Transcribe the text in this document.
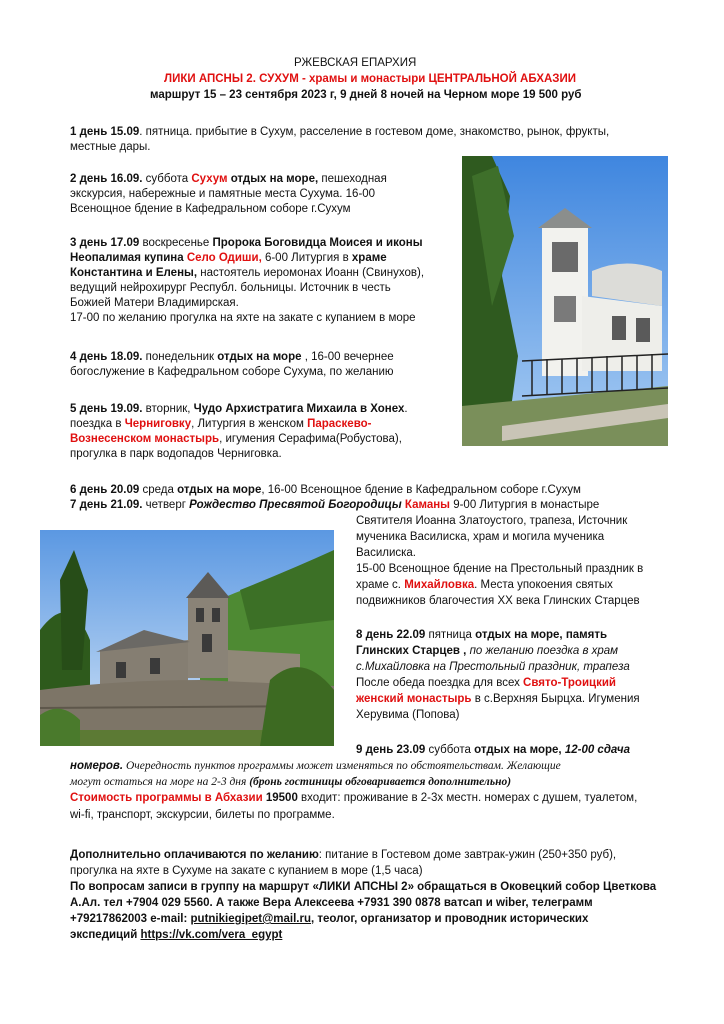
РЖЕВСКАЯ ЕПАРХИЯ
ЛИКИ АПСНЫ 2. СУХУМ - храмы и монастыри ЦЕНТРАЛЬНОЙ АБХАЗИИ
маршрут 15 – 23 сентября 2023 г, 9 дней 8 ночей на Черном море 19 500 руб
1 день 15.09. пятница. прибытие в Сухум, расселение в гостевом доме, знакомство, рынок, фрукты,
местные дары.
2 день 16.09. суббота Сухум отдых на море, пешеходная
экскурсия, набережные и памятные места Сухума. 16-00
Всенощное бдение в Кафедральном соборе г.Сухум
3 день 17.09 воскресенье Пророка Боговидца Моисея и иконы
Неопалимая купина Село Одиши, 6-00 Литургия в храме
Константина и Елены, настоятель иеромонах Иоанн (Свинухов),
ведущий нейрохирург Республ. больницы. Источник в честь
Божией Матери Владимирская.
17-00 по желанию прогулка на яхте на закате с купанием в море
4 день 18.09. понедельник отдых на море , 16-00 вечернее
богослужение в Кафедральном соборе Сухума, по желанию
5 день 19.09. вторник, Чудо Архистратига Михаила в Хонех.
поездка в Черниговку, Литургия в женском Параскево-
Вознесенском монастырь, игумения Серафима(Робустова),
прогулка в парк водопадов Черниговка.
6 день 20.09 среда отдых на море, 16-00 Всенощное бдение в Кафедральном соборе г.Сухум
7 день 21.09. четверг Рождество Пресвятой Богородицы Каманы 9-00 Литургия в монастыре
Святителя Иоанна Златоустого, трапеза, Источник
мученика Василиска, храм и могила мученика
Василиска.
15-00 Всенощное бдение на Престольный праздник в
храме с. Михайловка. Места упокоения святых
подвижников благочестия XX века Глинских Старцев
8 день 22.09 пятница отдых на море, память
Глинских Старцев , по желанию поездка в храм
с.Михайловка на Престольный праздник, трапеза
После обеда поездка для всех Свято-Троицкий
женский монастырь в с.Верхняя Бырцха. Игумения
Херувима (Попова)
9 день 23.09 суббота отдых на море, 12-00 сдача
номеров. Очередность пунктов программы может изменяться по обстоятельствам. Желающие
могут остаться на море на 2-3 дня (бронь гостиницы обговаривается дополнительно)
Стоимость программы в Абхазии 19500 входит: проживание в 2-3х местн. номерах с душем, туалетом,
wi-fi, транспорт, экскурсии, билеты по программе.
Дополнительно оплачиваются по желанию: питание в Гостевом доме завтрак-ужин (250+350 руб),
прогулка на яхте в Сухуме на закате с купанием в море (1,5 часа)
По вопросам записи в группу на маршрут «ЛИКИ АПСНЫ 2» обращаться в Оковецкий собор Цветкова
А.Ал. тел +7904 029 5560. А также Вера Алексеева +7931 390 0878 ватсап и wiber, телеграмм
+79217862003 e-mail: putnikiegipet@mail.ru, теолог, организатор и проводник исторических
экспедиций https://vk.com/vera_egypt
